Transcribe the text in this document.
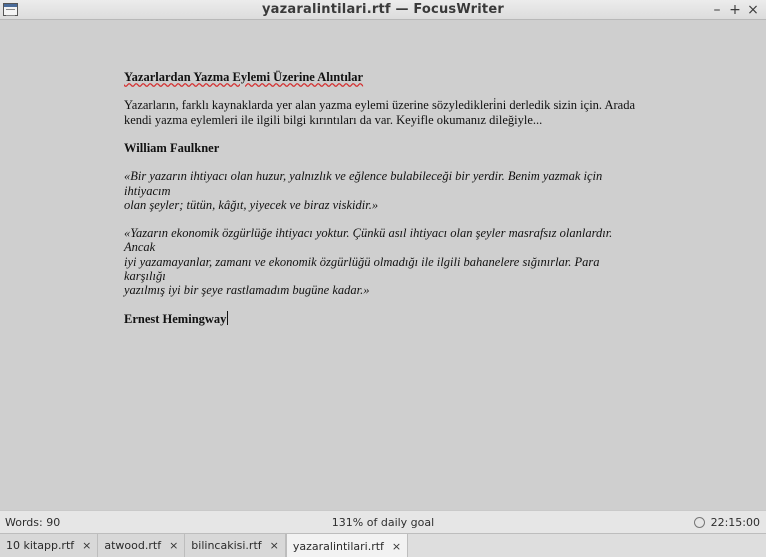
yazaralintilari.rtf — FocusWriter	– + ×

Yazarlardan Yazma Eylemi Üzerine Alıntılar

Yazarların, farklı kaynaklarda yer alan yazma eylemi üzerine sözyledikleri̇ni derledik sizin için. Arada

kendi yazma eylemleri ile ilgili bilgi kırıntıları da var. Keyifle okumanız dileğiyle...

William Faulkner

«Bir yazarın ihtiyacı olan huzur, yalnızlık ve eğlence bulabileceği bir yerdir. Benim yazmak için ihtiyacım

olan şeyler; tütün, kâğıt, yiyecek ve biraz viskidir.»

«Yazarın ekonomik özgürlüğe ihtiyacı yoktur. Çünkü asıl ihtiyacı olan şeyler masrafsız olanlardır. Ancak

iyi yazamayanlar, zamanı ve ekonomik özgürlüğü olmadığı ile ilgili bahanelere sığınırlar. Para karşılığı

yazılmış iyi bir şeye rastlamadım bugüne kadar.»

Ernest Hemingway

Words: 90	131% of daily goal	22:15:00
10 kitapp.rtf × atwood.rtf × bilincakisi.rtf × yazaralintilari.rtf ×
